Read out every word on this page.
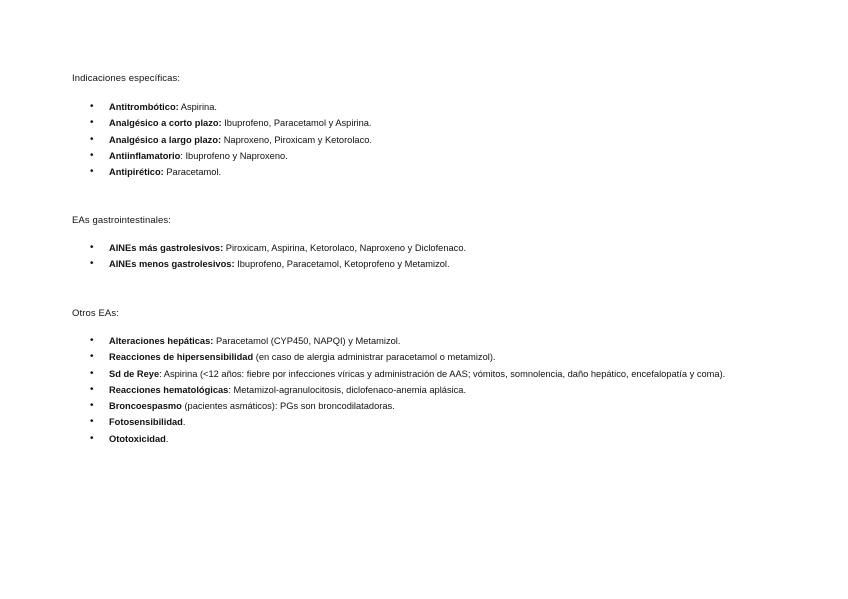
Indicaciones específicas:

• Antitrombótico: Aspirina.
• Analgésico a corto plazo: Ibuprofeno, Paracetamol y Aspirina.
• Analgésico a largo plazo: Naproxeno, Piroxicam y Ketorolaco.
• Antiinflamatorio: Ibuprofeno y Naproxeno.
• Antipirético: Paracetamol.

EAs gastrointestinales:

• AINEs más gastrolesivos: Piroxicam, Aspirina, Ketorolaco, Naproxeno y Diclofenaco.
• AINEs menos gastrolesivos: Ibuprofeno, Paracetamol, Ketoprofeno y Metamizol.

Otros EAs:

• Alteraciones hepáticas: Paracetamol (CYP450, NAPQI) y Metamizol.
• Reacciones de hipersensibilidad (en caso de alergia administrar paracetamol o metamizol).
• Sd de Reye: Aspirina (<12 años: fiebre por infecciones víricas y administración de AAS; vómitos, somnolencia, daño hepático, encefalopatía y coma).
• Reacciones hematológicas: Metamizol-agranulocitosis, diclofenaco-anemia aplásica.
• Broncoespasmo (pacientes asmáticos): PGs son broncodilatadoras.
• Fotosensibilidad.
• Ototoxicidad.
